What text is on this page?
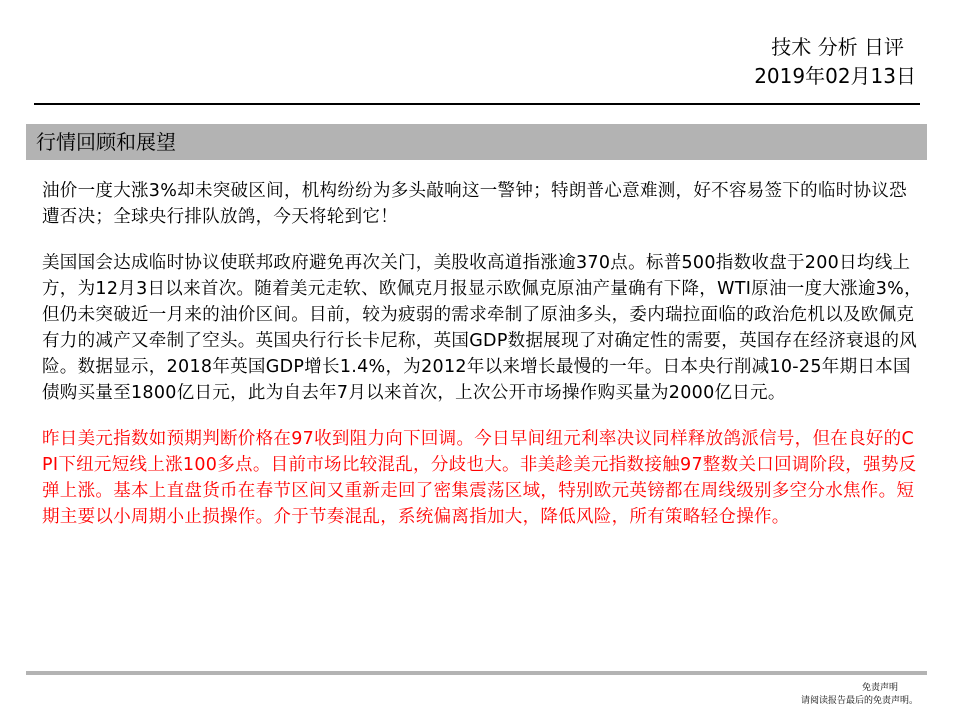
技术 分析 日评
2019年02月13日
行情回顾和展望

油价一度大涨3%却未突破区间，机构纷纷为多头敲响这一警钟；特朗普心意难测，好不容易签下的临时协议恐遭否决；全球央行排队放鸽，今天将轮到它！

美国国会达成临时协议使联邦政府避免再次关门，美股收高道指涨逾370点。标普500指数收盘于200日均线上方，为12月3日以来首次。随着美元走软、欧佩克月报显示欧佩克原油产量确有下降，WTI原油一度大涨逾3%，但仍未突破近一月来的油价区间。目前，较为疲弱的需求牵制了原油多头，委内瑞拉面临的政治危机以及欧佩克有力的减产又牵制了空头。英国央行行长卡尼称，英国GDP数据展现了对确定性的需要，英国存在经济衰退的风险。数据显示，2018年英国GDP增长1.4%，为2012年以来增长最慢的一年。日本央行削减10-25年期日本国债购买量至1800亿日元，此为自去年7月以来首次，上次公开市场操作购买量为2000亿日元。

昨日美元指数如预期判断价格在97收到阻力向下回调。今日早间纽元利率决议同样释放鸽派信号，但在良好的CPI下纽元短线上涨100多点。目前市场比较混乱，分歧也大。非美趁美元指数接触97整数关口回调阶段，强势反弹上涨。基本上直盘货币在春节区间又重新走回了密集震荡区域，特别欧元英镑都在周线级别多空分水焦作。短期主要以小周期小止损操作。介于节奏混乱，系统偏离指加大，降低风险，所有策略轻仓操作。

免责声明
请阅读报告最后的免责声明。
